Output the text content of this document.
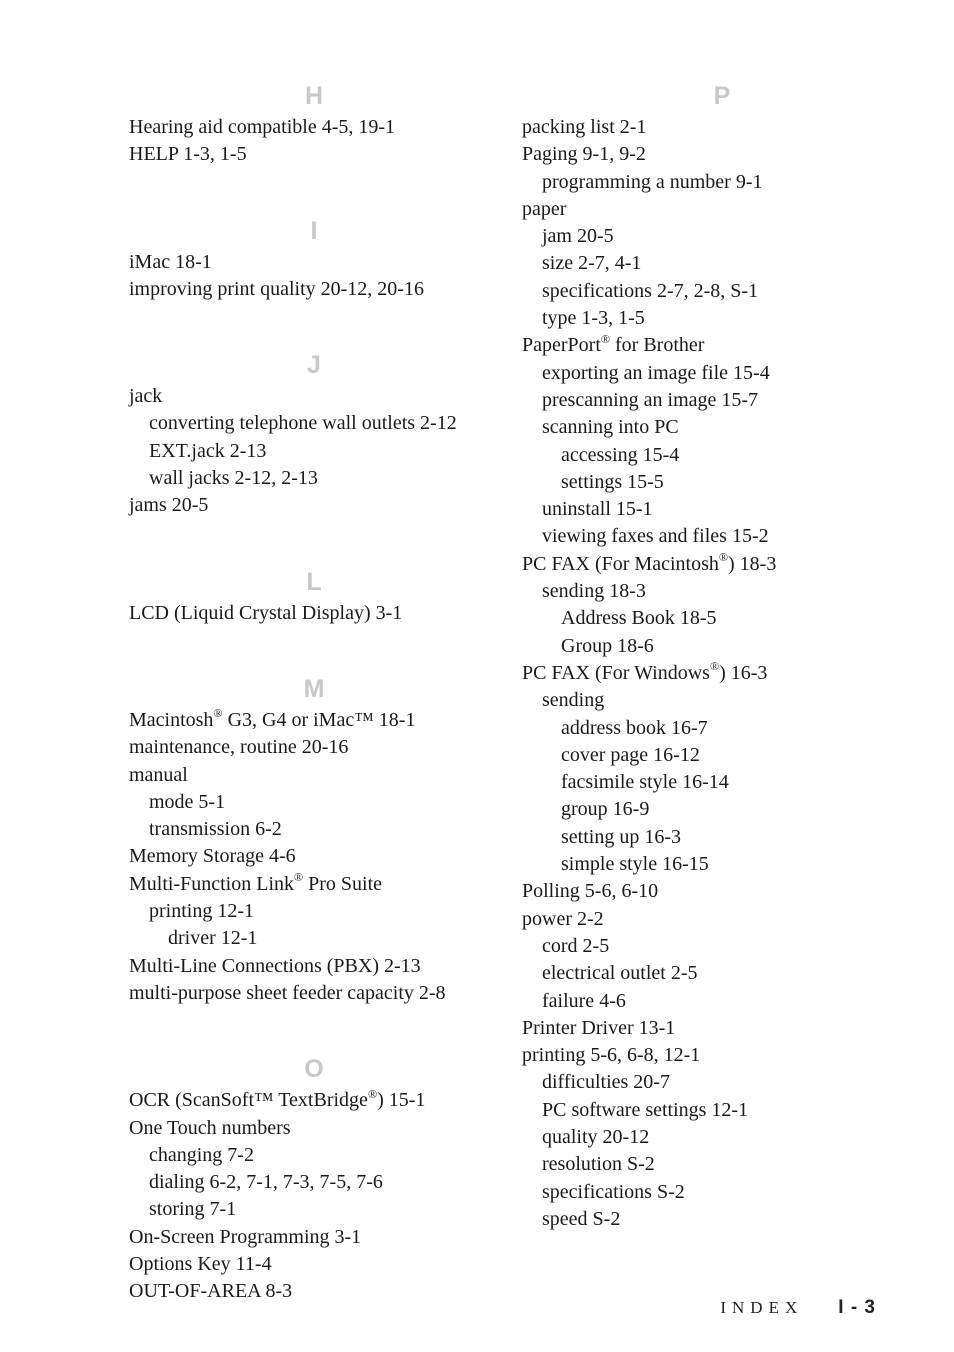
H
Hearing aid compatible 4-5, 19-1
HELP 1-3, 1-5
I
iMac 18-1
improving print quality 20-12, 20-16
J
jack
converting telephone wall outlets 2-12
EXT.jack 2-13
wall jacks 2-12, 2-13
jams 20-5
L
LCD (Liquid Crystal Display) 3-1
M
Macintosh® G3, G4 or iMac™ 18-1
maintenance, routine 20-16
manual
mode 5-1
transmission 6-2
Memory Storage 4-6
Multi-Function Link® Pro Suite
printing 12-1
driver 12-1
Multi-Line Connections (PBX) 2-13
multi-purpose sheet feeder capacity 2-8
O
OCR (ScanSoft™ TextBridge®) 15-1
One Touch numbers
changing 7-2
dialing 6-2, 7-1, 7-3, 7-5, 7-6
storing 7-1
On-Screen Programming 3-1
Options Key 11-4
OUT-OF-AREA 8-3
P
packing list 2-1
Paging 9-1, 9-2
programming a number 9-1
paper
jam 20-5
size 2-7, 4-1
specifications 2-7, 2-8, S-1
type 1-3, 1-5
PaperPort® for Brother
exporting an image file 15-4
prescanning an image 15-7
scanning into PC
accessing 15-4
settings 15-5
uninstall 15-1
viewing faxes and files 15-2
PC FAX (For Macintosh®) 18-3
sending 18-3
Address Book 18-5
Group 18-6
PC FAX (For Windows®) 16-3
sending
address book 16-7
cover page 16-12
facsimile style 16-14
group 16-9
setting up 16-3
simple style 16-15
Polling 5-6, 6-10
power 2-2
cord 2-5
electrical outlet 2-5
failure 4-6
Printer Driver 13-1
printing 5-6, 6-8, 12-1
difficulties 20-7
PC software settings 12-1
quality 20-12
resolution S-2
specifications S-2
speed S-2
INDEX I - 3
